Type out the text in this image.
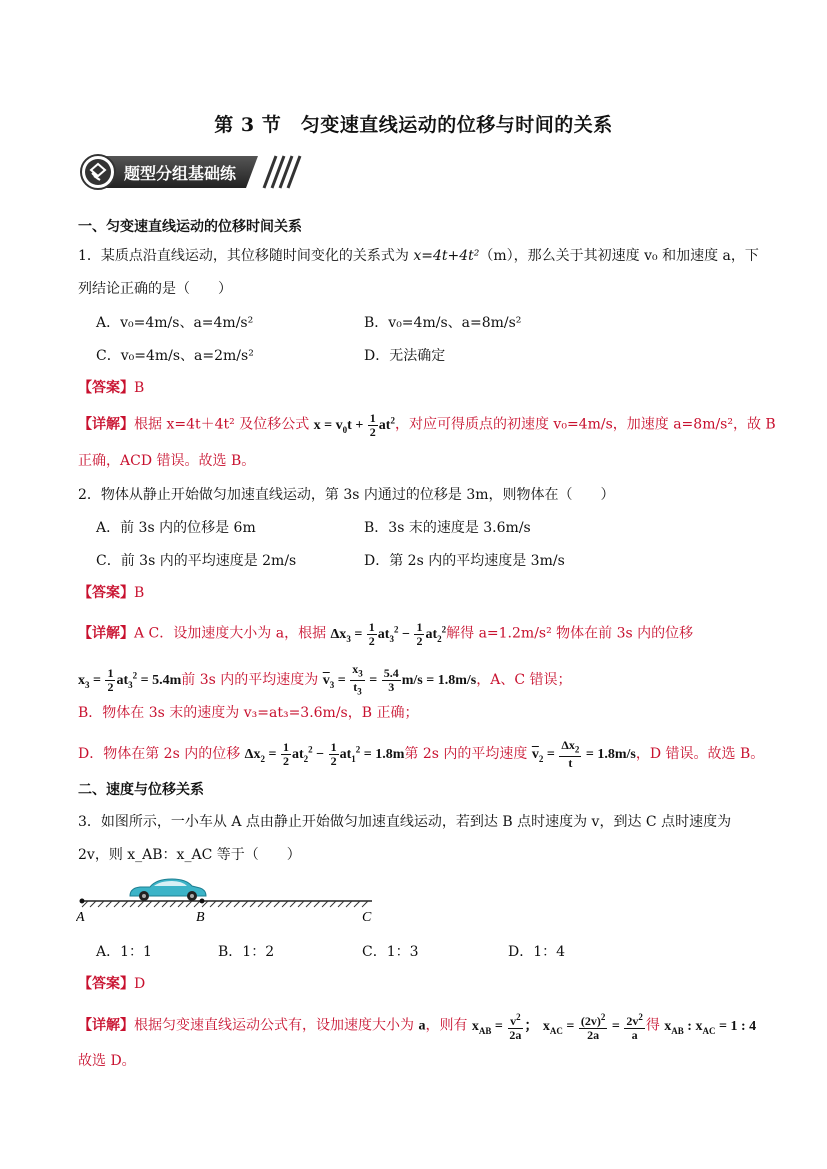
第 3 节　匀变速直线运动的位移与时间的关系
题型分组基础练
一、匀变速直线运动的位移时间关系
1．某质点沿直线运动，其位移随时间变化的关系式为 x=4t+4t²（m），那么关于其初速度 v₀ 和加速度 a，下
列结论正确的是（　　）
A．v₀=4m/s、a=4m/s²	B．v₀=4m/s、a=8m/s²
C．v₀=4m/s、a=2m/s²	D．无法确定
【答案】B
【详解】根据 x=4t＋4t² 及位移公式 $x = v_0t + \frac{1}{2} at^2$，对应可得质点的初速度 v₀=4m/s，加速度 a=8m/s²，故 B
正确，ACD 错误。故选 B。
2．物体从静止开始做匀加速直线运动，第 3s 内通过的位移是 3m，则物体在（　　）
A．前 3s 内的位移是 6m	B．3s 末的速度是 3.6m/s
C．前 3s 内的平均速度是 2m/s	D．第 2s 内的平均速度是 3m/s
【答案】B
【详解】A C．设加速度大小为 a，根据 $\Delta x_3 = \frac{1}{2} at_3^2 - \frac{1}{2} at_2^2$解得 a=1.2m/s² 物体在前 3s 内的位移
$x_3 = \frac{1}{2} at_3^2 = 5.4m$前 3s 内的平均速度为 $\overline{v}_3 = \frac{x_3}{t_3} = \frac{5.4}{3} m/s = 1.8m/s$，A、C 错误；
B．物体在 3s 末的速度为 v₃=at₃=3.6m/s，B 正确；
D．物体在第 2s 内的位移 $\Delta x_2 = \frac{1}{2} at_2^2 - \frac{1}{2} at_1^2 = 1.8m$第 2s 内的平均速度 $\overline{v}_2 = \frac{\Delta x_2}{t} = 1.8m/s$，D 错误。故选 B。
二、速度与位移关系
3．如图所示，一小车从 A 点由静止开始做匀加速直线运动，若到达 B 点时速度为 v，到达 C 点时速度为
2v，则 x_AB：x_AC 等于（　　）
A	B	C
A．1：1	B．1：2	C．1：3	D．1：4
【答案】D
【详解】根据匀变速直线运动公式有，设加速度大小为 a，则有 $x_{AB} = \frac{v^2}{2a}$ ； $x_{AC} = \frac{(2v)^2}{2a} = \frac{2v^2}{a}$ 得 $x_{AB}$ : $x_{AC} = 1$ : 4
故选 D。
